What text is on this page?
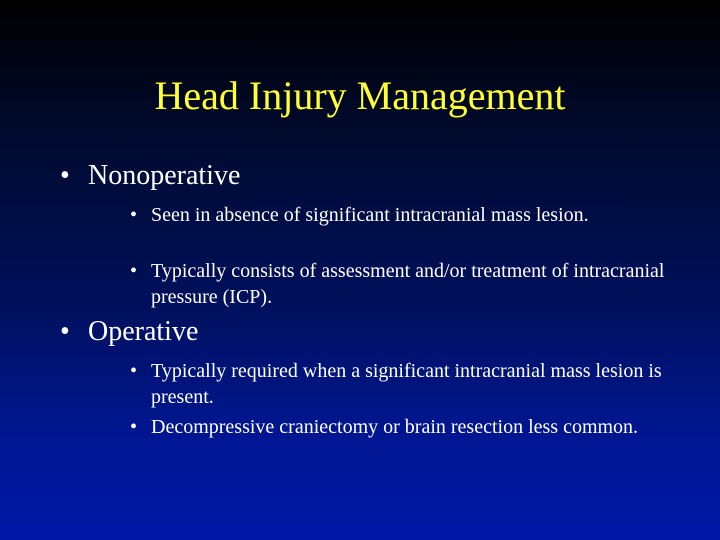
Head Injury Management
• Nonoperative
• Seen in absence of significant intracranial mass lesion.
• Typically consists of assessment and/or treatment of intracranial pressure (ICP).
• Operative
• Typically required when a significant intracranial mass lesion is present.
• Decompressive craniectomy or brain resection less common.
